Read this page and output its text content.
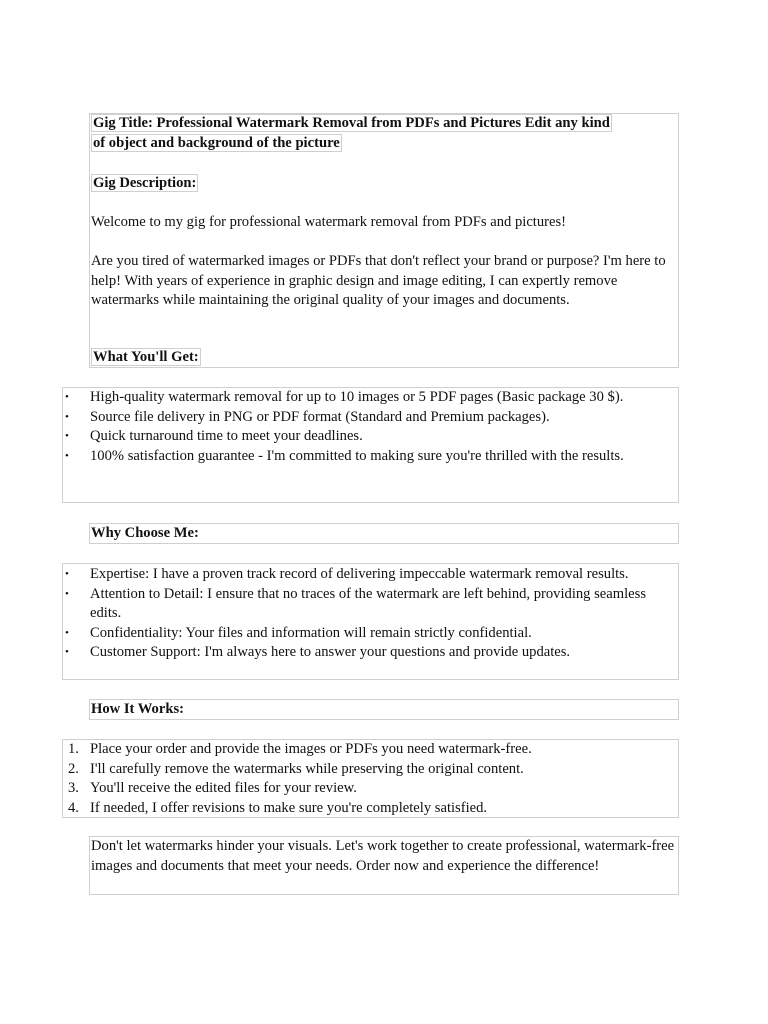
Gig Title: Professional Watermark Removal from PDFs and Pictures Edit any kind
of object and background of the picture

Gig Description:

Welcome to my gig for professional watermark removal from PDFs and pictures!

Are you tired of watermarked images or PDFs that don't reflect your brand or purpose? I'm here to help! With years of experience in graphic design and image editing, I can expertly remove watermarks while maintaining the original quality of your images and documents.

What You'll Get:

• High-quality watermark removal for up to 10 images or 5 PDF pages (Basic package 30 $).
• Source file delivery in PNG or PDF format (Standard and Premium packages).
• Quick turnaround time to meet your deadlines.
• 100% satisfaction guarantee - I'm committed to making sure you're thrilled with the results.

Why Choose Me:

• Expertise: I have a proven track record of delivering impeccable watermark removal results.
• Attention to Detail: I ensure that no traces of the watermark are left behind, providing seamless edits.
• Confidentiality: Your files and information will remain strictly confidential.
• Customer Support: I'm always here to answer your questions and provide updates.

How It Works:

1. Place your order and provide the images or PDFs you need watermark-free.
2. I'll carefully remove the watermarks while preserving the original content.
3. You'll receive the edited files for your review.
4. If needed, I offer revisions to make sure you're completely satisfied.

Don't let watermarks hinder your visuals. Let's work together to create professional, watermark-free images and documents that meet your needs. Order now and experience the difference!
